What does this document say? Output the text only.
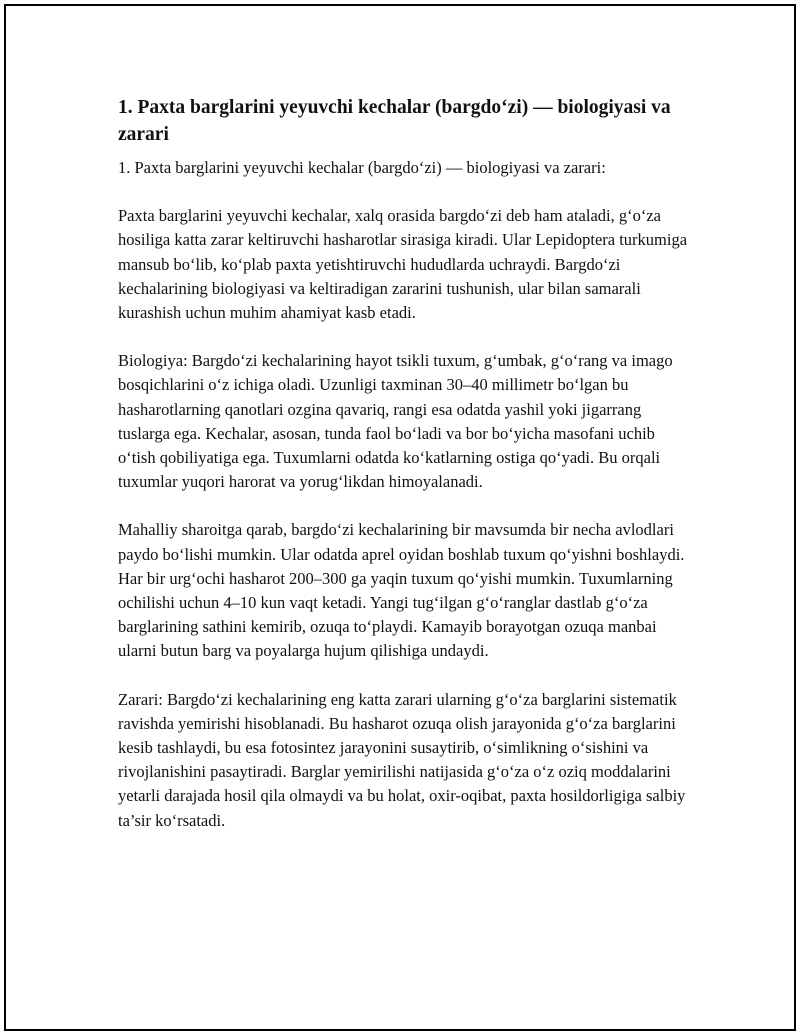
1. Paxta barglarini yeyuvchi kechalar (bargdo‘zi) — biologiyasi va zarari

1. Paxta barglarini yeyuvchi kechalar (bargdo‘zi) — biologiyasi va zarari:

Paxta barglarini yeyuvchi kechalar, xalq orasida bargdo‘zi deb ham ataladi, g‘o‘za hosiliga katta zarar keltiruvchi hasharotlar sirasiga kiradi. Ular Lepidoptera turkumiga mansub bo‘lib, ko‘plab paxta yetishtiruvchi hududlarda uchraydi. Bargdo‘zi kechalarining biologiyasi va keltiradigan zararini tushunish, ular bilan samarali kurashish uchun muhim ahamiyat kasb etadi.

Biologiya: Bargdo‘zi kechalarining hayot tsikli tuxum, g‘umbak, g‘o‘rang va imago bosqichlarini o‘z ichiga oladi. Uzunligi taxminan 30–40 millimetr bo‘lgan bu hasharotlarning qanotlari ozgina qavariq, rangi esa odatda yashil yoki jigarrang tuslarga ega. Kechalar, asosan, tunda faol bo‘ladi va bor bo‘yicha masofani uchib o‘tish qobiliyatiga ega. Tuxumlarni odatda ko‘katlarning ostiga qo‘yadi. Bu orqali tuxumlar yuqori harorat va yorug‘likdan himoyalanadi.

Mahalliy sharoitga qarab, bargdo‘zi kechalarining bir mavsumda bir necha avlodlari paydo bo‘lishi mumkin. Ular odatda aprel oyidan boshlab tuxum qo‘yishni boshlaydi. Har bir urg‘ochi hasharot 200–300 ga yaqin tuxum qo‘yishi mumkin. Tuxumlarning ochilishi uchun 4–10 kun vaqt ketadi. Yangi tug‘ilgan g‘o‘ranglar dastlab g‘o‘za barglarining sathini kemirib, ozuqa to‘playdi. Kamayib borayotgan ozuqa manbai ularni butun barg va poyalarga hujum qilishiga undaydi.

Zarari: Bargdo‘zi kechalarining eng katta zarari ularning g‘o‘za barglarini sistematik ravishda yemirishi hisoblanadi. Bu hasharot ozuqa olish jarayonida g‘o‘za barglarini kesib tashlaydi, bu esa fotosintez jarayonini susaytirib, o‘simlikning o‘sishini va rivojlanishini pasaytiradi. Barglar yemirilishi natijasida g‘o‘za o‘z oziq moddalarini yetarli darajada hosil qila olmaydi va bu holat, oxir-oqibat, paxta hosildorligiga salbiy ta’sir ko‘rsatadi.
